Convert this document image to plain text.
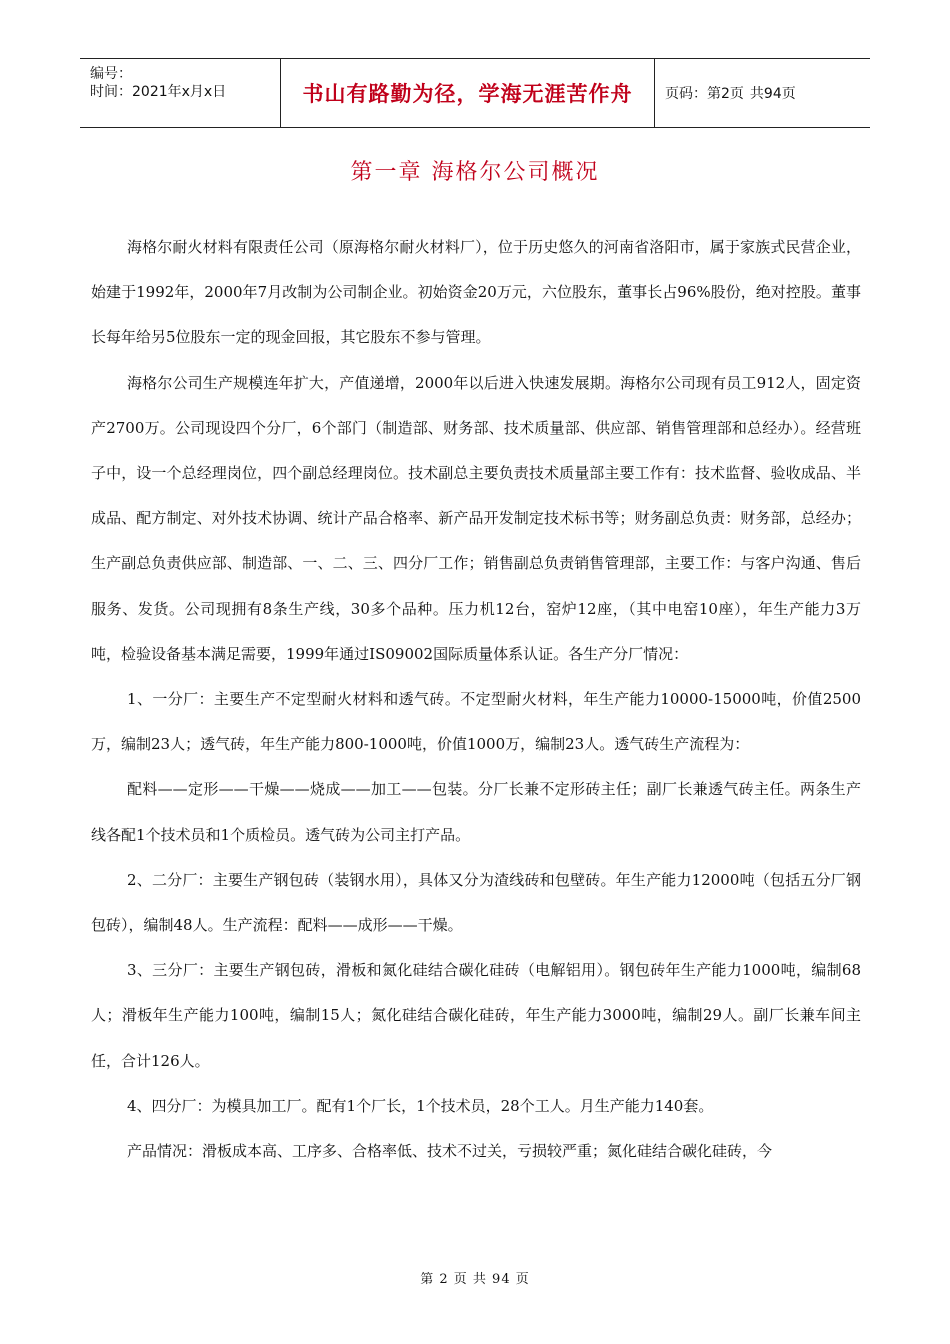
编号：
时间：2021年x月x日	书山有路勤为径，学海无涯苦作舟	页码：第2页 共94页
第一章 海格尔公司概况

海格尔耐火材料有限责任公司（原海格尔耐火材料厂），位于历史悠久的河南省洛阳市，属于家族式民营企业，始建于1992年，2000年7月改制为公司制企业。初始资金20万元，六位股东，董事长占96%股份，绝对控股。董事长每年给另5位股东一定的现金回报，其它股东不参与管理。

海格尔公司生产规模连年扩大，产值递增，2000年以后进入快速发展期。海格尔公司现有员工912人，固定资产2700万。公司现设四个分厂，6个部门（制造部、财务部、技术质量部、供应部、销售管理部和总经办）。经营班子中，设一个总经理岗位，四个副总经理岗位。技术副总主要负责技术质量部主要工作有：技术监督、验收成品、半成品、配方制定、对外技术协调、统计产品合格率、新产品开发制定技术标书等；财务副总负责：财务部，总经办；生产副总负责供应部、制造部、一、二、三、四分厂工作；销售副总负责销售管理部，主要工作：与客户沟通、售后服务、发货。公司现拥有8条生产线，30多个品种。压力机12台，窑炉12座，（其中电窑10座），年生产能力3万吨，检验设备基本满足需要，1999年通过IS09002国际质量体系认证。各生产分厂情况：

1、一分厂：主要生产不定型耐火材料和透气砖。不定型耐火材料，年生产能力10000-15000吨，价值2500万，编制23人；透气砖，年生产能力800-1000吨，价值1000万，编制23人。透气砖生产流程为：

配料——定形——干燥——烧成——加工——包装。分厂长兼不定形砖主任；副厂长兼透气砖主任。两条生产线各配1个技术员和1个质检员。透气砖为公司主打产品。

2、二分厂：主要生产钢包砖（装钢水用），具体又分为渣线砖和包壁砖。年生产能力12000吨（包括五分厂钢包砖），编制48人。生产流程：配料——成形——干燥。

3、三分厂：主要生产钢包砖，滑板和氮化硅结合碳化硅砖（电解铝用）。钢包砖年生产能力1000吨，编制68人；滑板年生产能力100吨，编制15人；氮化硅结合碳化硅砖，年生产能力3000吨，编制29人。副厂长兼车间主任，合计126人。

4、四分厂：为模具加工厂。配有1个厂长，1个技术员，28个工人。月生产能力140套。

产品情况：滑板成本高、工序多、合格率低、技术不过关，亏损较严重；氮化硅结合碳化硅砖，今

第 2 页 共 94 页
